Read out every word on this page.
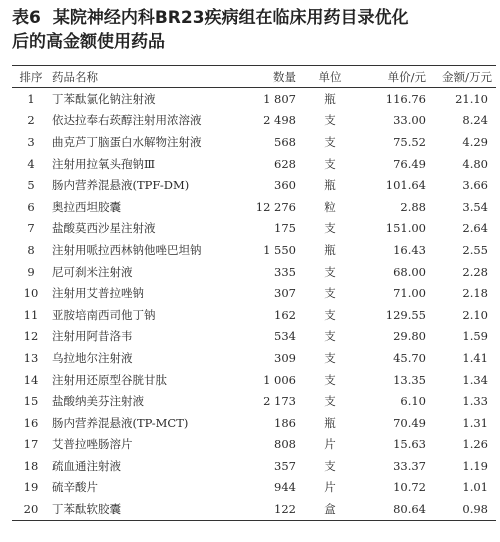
表6 某院神经内科BR23疾病组在临床用药目录优化
后的高金额使用药品
排序	药品名称	数量	单位	单价/元	金额/万元
1	丁苯酞氯化钠注射液	1 807	瓶	116.76	21.10
2	依达拉奉右莰醇注射用浓溶液	2 498	支	33.00	8.24
3	曲克芦丁脑蛋白水解物注射液	568	支	75.52	4.29
4	注射用拉氧头孢钠Ⅲ	628	支	76.49	4.80
5	肠内营养混悬液(TPF-DM)	360	瓶	101.64	3.66
6	奥拉西坦胶囊	12 276	粒	2.88	3.54
7	盐酸莫西沙星注射液	175	支	151.00	2.64
8	注射用哌拉西林钠他唑巴坦钠	1 550	瓶	16.43	2.55
9	尼可刹米注射液	335	支	68.00	2.28
10	注射用艾普拉唑钠	307	支	71.00	2.18
11	亚胺培南西司他丁钠	162	支	129.55	2.10
12	注射用阿昔洛韦	534	支	29.80	1.59
13	乌拉地尔注射液	309	支	45.70	1.41
14	注射用还原型谷胱甘肽	1 006	支	13.35	1.34
15	盐酸纳美芬注射液	2 173	支	6.10	1.33
16	肠内营养混悬液(TP-MCT)	186	瓶	70.49	1.31
17	艾普拉唑肠溶片	808	片	15.63	1.26
18	疏血通注射液	357	支	33.37	1.19
19	硫辛酸片	944	片	10.72	1.01
20	丁苯酞软胶囊	122	盒	80.64	0.98
